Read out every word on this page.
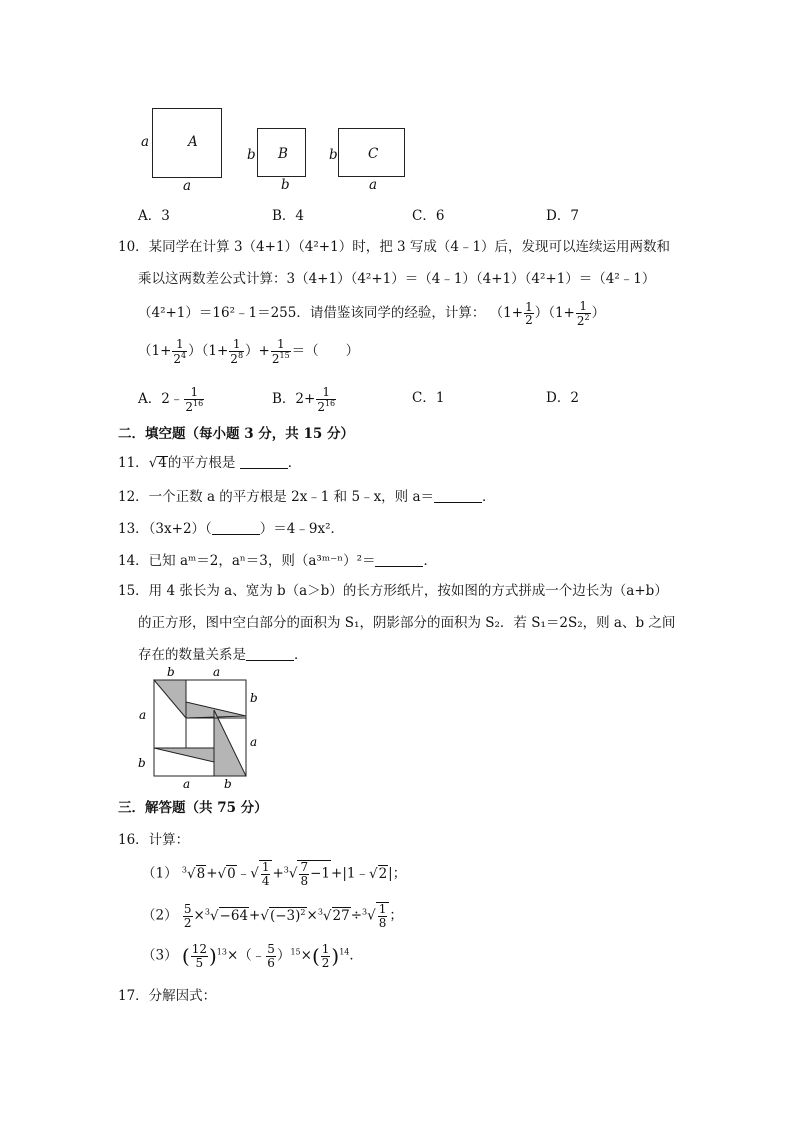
A
a
a
B
b
b
C
b
a
A．3	B．4	C．6	D．7
10．某同学在计算 3（4+1）（4²+1）时，把 3 写成（4﹣1）后，发现可以连续运用两数和
乘以这两数差公式计算：3（4+1）（4²+1）＝（4﹣1）（4+1）（4²+1）＝（4²﹣1）
（4²+1）＝16²﹣1＝255．请借鉴该同学的经验，计算： $(1+ \frac{1}{2} )(1+ \frac{1}{2^2}$ ）
$(1+ \frac{1}{2^4} )(1+ \frac{1}{2^8}$ ）+ $\frac{1}{2^{15}}$ ＝（　　）
A．2﹣ $\frac{1}{2^{16}}$	B．$2+ \frac{1}{2^{16}}$	C．1	D．2
二．填空题（每小题 3 分，共 15 分）
11．√4的平方根是	．
12．一个正数 a 的平方根是 2x﹣1 和 5﹣x，则 a＝	．
13．（3x+2）（	）＝4﹣9x²．
14．已知 aᵐ＝2，aⁿ＝3，则（a³ᵐ⁻ⁿ）²＝	．
15．用 4 张长为 a、宽为 b（a＞b）的长方形纸片，按如图的方式拼成一个边长为（a+b）
的正方形，图中空白部分的面积为 S₁，阴影部分的面积为 S₂．若 S₁＝2S₂，则 a、b 之间
存在的数量关系是	．
b	a
b
a
a
b
a	b
三．解答题（共 75 分）
16．计算：
（1） $^3$√8+√0﹣√ $\frac{1}{4} +^3√ \frac{7}{8}$ −1+|1﹣√2|；
$(2) \frac{5}{2} \times^3√-64+√(-3)^2\times^3√27\div^3√ \frac{1}{8}$ ；
（3） ( $\frac{12}{5}$ )$^{13}$×（﹣ $\frac{5}{6} )^{15}\times( \frac{1}{2} )^{14}$．
17．分解因式：
